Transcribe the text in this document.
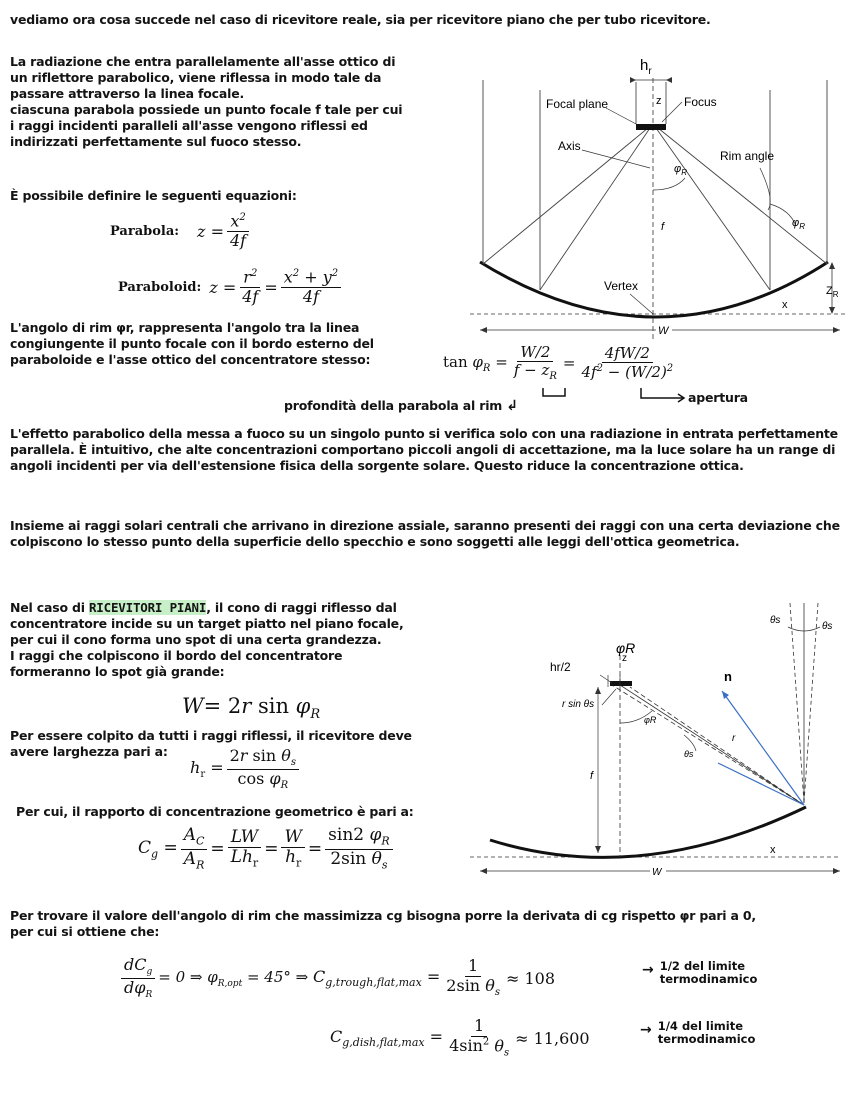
vediamo ora cosa succede nel caso di ricevitore reale, sia per ricevitore piano che per tubo ricevitore.
La radiazione che entra parallelamente all'asse ottico di
un riflettore parabolico, viene riflessa in modo tale da
passare attraverso la linea focale.
ciascuna parabola possiede un punto focale f tale per cui
i raggi incidenti paralleli all'asse vengono riflessi ed
indirizzati perfettamente sul fuoco stesso.
È possibile definire le seguenti equazioni:
Parabola: $z = \frac{x^2}{4f}$
Paraboloid: $z = \frac{r^2}{4f} = \frac{x^2 + y^2}{4f}$
L'angolo di rim φr, rappresenta l'angolo tra la linea
congiungente il punto focale con il bordo esterno del
paraboloide e l'asse ottico del concentratore stesso:	$\tan \varphi_R = \frac{W/2}{f - z_R} = \frac{4fW/2}{4f^2 - (W/2)^2}$
profondità della parabola al rim ↲
apertura
L'effetto parabolico della messa a fuoco su un singolo punto si verifica solo con una radiazione in entrata perfettamente parallela. È intuitivo, che alte concentrazioni comportano piccoli angoli di accettazione, ma la luce solare ha un range di angoli incidenti per via dell'estensione fisica della sorgente solare. Questo riduce la concentrazione ottica.
Insieme ai raggi solari centrali che arrivano in direzione assiale, saranno presenti dei raggi con una certa deviazione che colpiscono lo stesso punto della superficie dello specchio e sono soggetti alle leggi dell'ottica geometrica.
Nel caso di RICEVITORI PIANI, il cono di raggi riflesso dal
concentratore incide su un target piatto nel piano focale,
per cui il cono forma uno spot di una certa grandezza.
I raggi che colpiscono il bordo del concentratore
formeranno lo spot già grande:
W= 2r $\sin \varphi_R$
Per essere colpito da tutti i raggi riflessi, il ricevitore deve
avere larghezza pari a:
$h_r = \frac{2r \sin \theta_s}{\cos \varphi_R}$
Per cui, il rapporto di concentrazione geometrico è pari a:
$C_g = \frac{A_C}{A_R} = \frac{LW}{Lh_r} = \frac{W}{h_r} = \frac{\sin 2 \varphi_R}{2\sin \theta_s}$
Per trovare il valore dell'angolo di rim che massimizza cg bisogna porre la derivata di cg rispetto φr pari a 0,
per cui si ottiene che:
$\frac{dC_g}{d\varphi_R} = 0$ ⇒ $\varphi_{R,opt} = 45^\circ$ ⇒ $C_{g,trough,flat,max} = \frac{1}{2\sin \theta_s} \approx 108$	→ 1/2 del limite
termodinamico
$C_{g,dish,flat,max} = \frac{1}{4\sin^2 \theta_s} \approx 11,600$	→ 1/4 del limite
termodinamico
W
$h_r$
z
Focal plane	Focus
Axis
Rim angle
$\varphi_R$
$\varphi_R$
f
Vertex
x
$Z_R$
W
θs
θs
n
hr/2
z
φR
r sin θs
φR
θs
r
f
x
